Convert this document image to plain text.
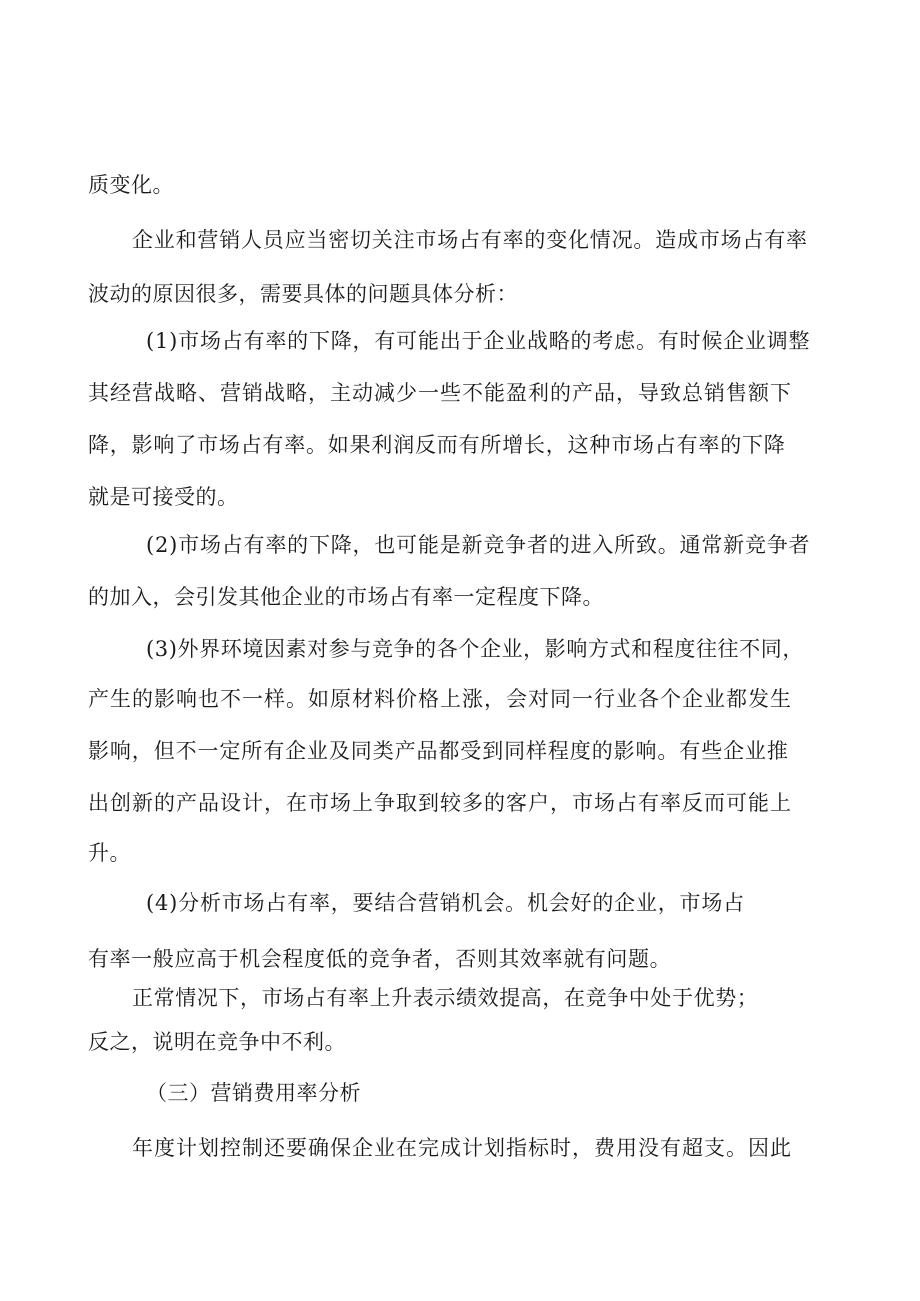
质变化。
企业和营销人员应当密切关注市场占有率的变化情况。造成市场占有率
波动的原因很多，需要具体的问题具体分析：
(1)市场占有率的下降，有可能出于企业战略的考虑。有时候企业调整
其经营战略、营销战略，主动减少一些不能盈利的产品，导致总销售额下
降，影响了市场占有率。如果利润反而有所增长，这种市场占有率的下降
就是可接受的。
(2)市场占有率的下降，也可能是新竞争者的进入所致。通常新竞争者
的加入，会引发其他企业的市场占有率一定程度下降。
(3)外界环境因素对参与竞争的各个企业，影响方式和程度往往不同，
产生的影响也不一样。如原材料价格上涨，会对同一行业各个企业都发生
影响，但不一定所有企业及同类产品都受到同样程度的影响。有些企业推
出创新的产品设计，在市场上争取到较多的客户，市场占有率反而可能上
升。
(4)分析市场占有率，要结合营销机会。机会好的企业，市场占
有率一般应高于机会程度低的竞争者，否则其效率就有问题。
正常情况下，市场占有率上升表示绩效提高，在竞争中处于优势；
反之，说明在竞争中不利。
（三）营销费用率分析
年度计划控制还要确保企业在完成计划指标时，费用没有超支。因此
